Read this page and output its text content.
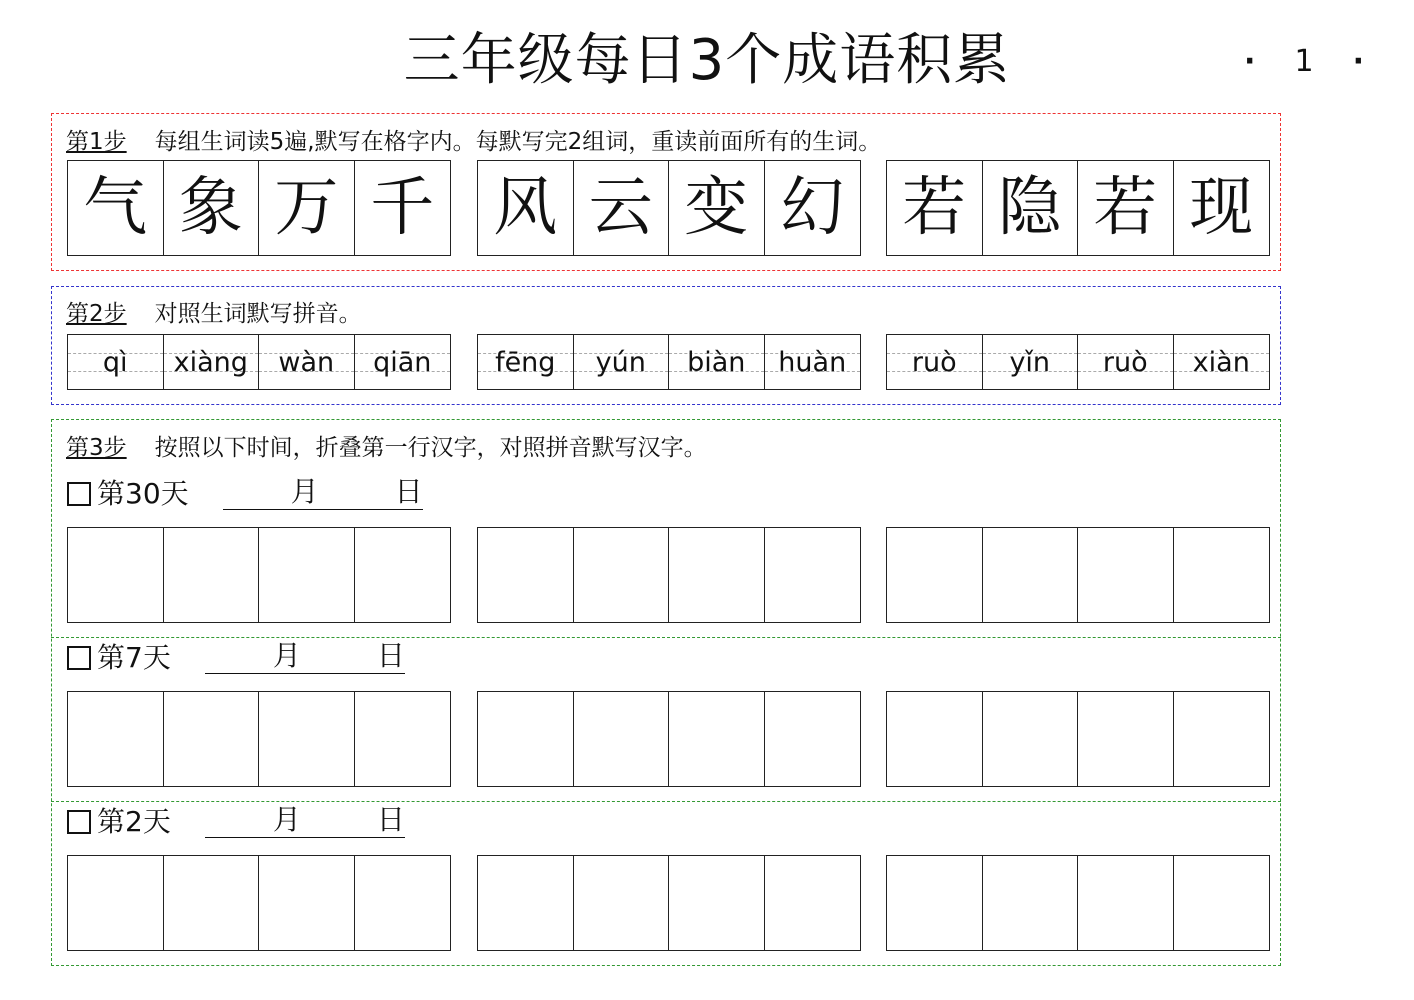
三年级每日3个成语积累	· 1 ·
第1步 每组生词读5遍,默写在格字内。每默写完2组词，重读前面所有的生词。
气 象 万 千 风 云 变 幻 若 隐 若 现
第2步 对照生词默写拼音。
qì xiàng wàn qiān fēng yún biàn huàn ruò yǐn ruò xiàn
第3步 按照以下时间，折叠第一行汉字，对照拼音默写汉字。
第30天	月	日
第7天	月	日
第2天	月	日
